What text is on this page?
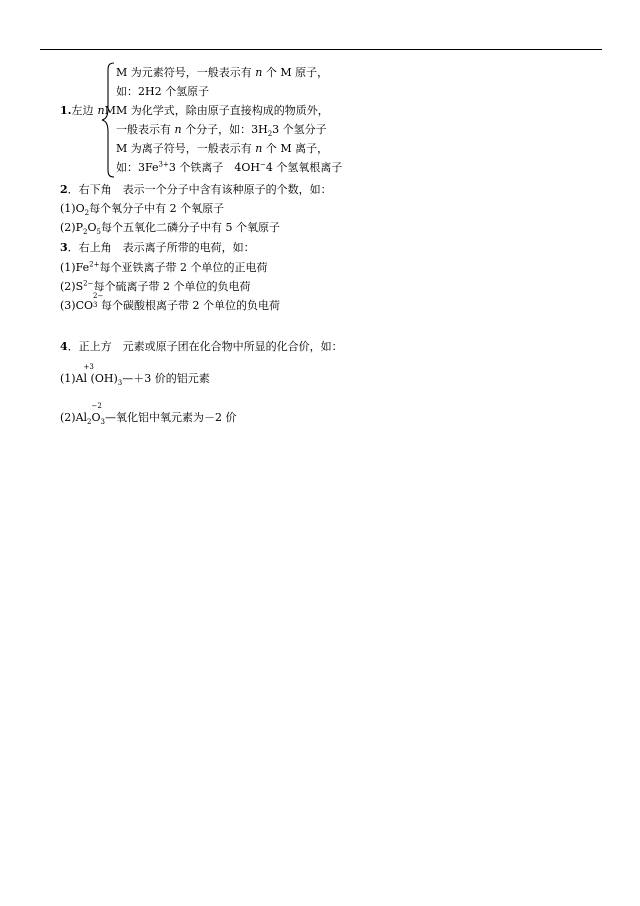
1.左边 nM
M 为元素符号，一般表示有 n 个 M 原子，
如：2H2 个氢原子
M 为化学式，除由原子直接构成的物质外，
一般表示有 n 个分子，如：$3H_23$ 个氢分子
M 为离子符号，一般表示有 n 个 M 离子，
如：$3Fe^{3+}3$ 个铁离子　4OH−4 个氢氧根离子
2．右下角　表示一个分子中含有该种原子的个数，如：
$(1)O_2$每个氧分子中有 2 个氧原子
$(2)P_2O_5$每个五氧化二磷分子中有 5 个氧原子
3．右上角　表示离子所带的电荷，如：
$(1)Fe^{2+}$每个亚铁离子带 2 个单位的正电荷
$(2)S^{2-}$每个硫离子带 2 个单位的负电荷
(3)CO
2−
3 每个碳酸根离子带 2 个单位的负电荷
4．正上方　元素或原子团在化合物中所显的化合价，如：
(1)A
+3
l $(OH)_3—+3$ 价的铝元素
$(2)Al_2$
−2
$O_3—$氧化铝中氧元素为－2 价
